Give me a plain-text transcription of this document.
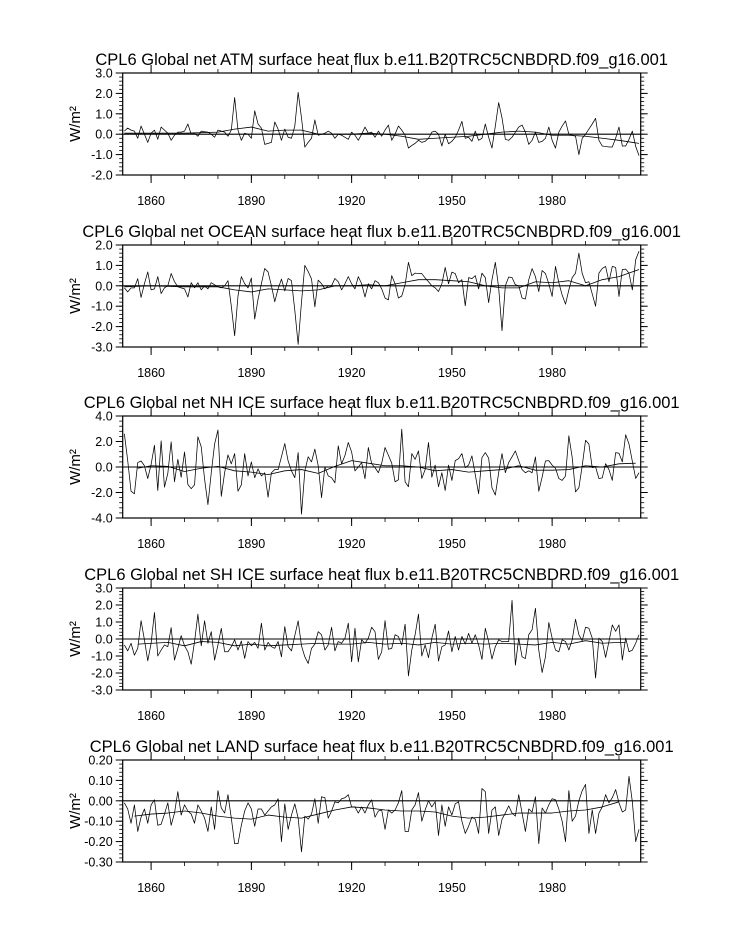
CPL6 Global net ATM surface heat flux b.e11.B20TRC5CNBDRD.f09_g16.001
W/m²
-2.0
-1.0
0.0
1.0
2.0
3.0
1860	1890	1920	1950	1980
CPL6 Global net OCEAN surface heat flux b.e11.B20TRC5CNBDRD.f09_g16.001
W/m²
-3.0
-2.0
-1.0
0.0
1.0
2.0
1860	1890	1920	1950	1980
CPL6 Global net NH ICE surface heat flux b.e11.B20TRC5CNBDRD.f09_g16.001
W/m²
-4.0
-2.0
0.0
2.0
4.0
1860	1890	1920	1950	1980
CPL6 Global net SH ICE surface heat flux b.e11.B20TRC5CNBDRD.f09_g16.001
W/m²
-3.0
-2.0
-1.0
0.0
1.0
2.0
3.0
1860	1890	1920	1950	1980
CPL6 Global net LAND surface heat flux b.e11.B20TRC5CNBDRD.f09_g16.001
W/m²
-0.30
-0.20
-0.10
0.00
0.10
0.20
1860	1890	1920	1950	1980
